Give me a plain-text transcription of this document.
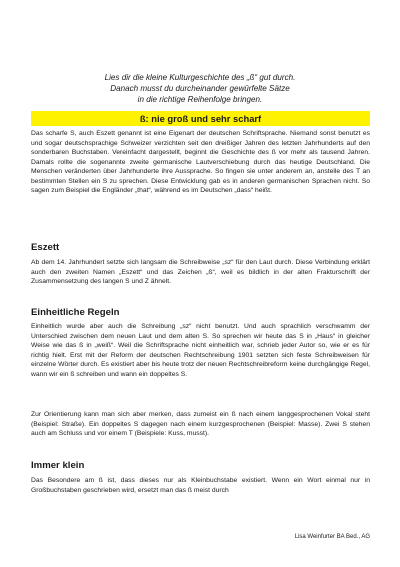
Lies dir die kleine Kulturgeschichte des „ß“ gut durch.
Danach musst du durcheinander gewürfelte Sätze
in die richtige Reihenfolge bringen.
ß: nie groß und sehr scharf
Das scharfe S, auch Eszett genannt ist eine Eigenart der deutschen Schriftsprache. Niemand sonst benutzt es und sogar deutschsprachige Schweizer verzichten seit den dreißiger Jahren des letzten Jahrhunderts auf den sonderbaren Buchstaben. Vereinfacht dargestellt, beginnt die Geschichte des ß vor mehr als tausend Jahren. Damals rollte die sogenannte zweite germanische Lautverschiebung durch das heutige Deutschland. Die Menschen veränderten über Jahrhunderte ihre Aussprache. So fingen sie unter anderem an, anstelle des T an bestimmten Stellen ein S zu sprechen. Diese Entwicklung gab es in anderen germanischen Sprachen nicht. So sagen zum Beispiel die Engländer „that“, während es im Deutschen „dass“ heißt.
Eszett
Ab dem 14. Jahrhundert setzte sich langsam die Schreibweise „sz“ für den Laut durch. Diese Verbindung erklärt auch den zweiten Namen „Eszett“ und das Zeichen „ß“, weil es bildlich in der alten Frakturschrift der Zusammensetzung des langen S und Z ähnelt.
Einheitliche Regeln
Einheitlich wurde aber auch die Schreibung „sz“ nicht benutzt. Und auch sprachlich verschwamm der Unterschied zwischen dem neuen Laut und dem alten S. So sprechen wir heute das S in „Haus“ in gleicher Weise wie das ß in „weiß“. Weil die Schriftsprache nicht einheitlich war, schrieb jeder Autor so, wie er es für richtig hielt. Erst mit der Reform der deutschen Rechtschreibung 1901 setzten sich feste Schreibweisen für einzelne Wörter durch. Es existiert aber bis heute trotz der neuen Rechtschreibreform keine durchgängige Regel, wann wir ein ß schreiben und wann ein doppeltes S.
Zur Orientierung kann man sich aber merken, dass zumeist ein ß nach einem langgesprochenen Vokal steht (Beispiel: Straße). Ein doppeltes S dagegen nach einem kurzgesprochenen (Beispiel: Masse). Zwei S stehen auch am Schluss und vor einem T (Beispiele: Kuss, musst).
Immer klein
Das Besondere am ß ist, dass dieses nur als Kleinbuchstabe existiert. Wenn ein Wort einmal nur in Großbuchstaben geschrieben wird, ersetzt man das ß meist durch
Lisa Weinfurter BA Bed., AG
